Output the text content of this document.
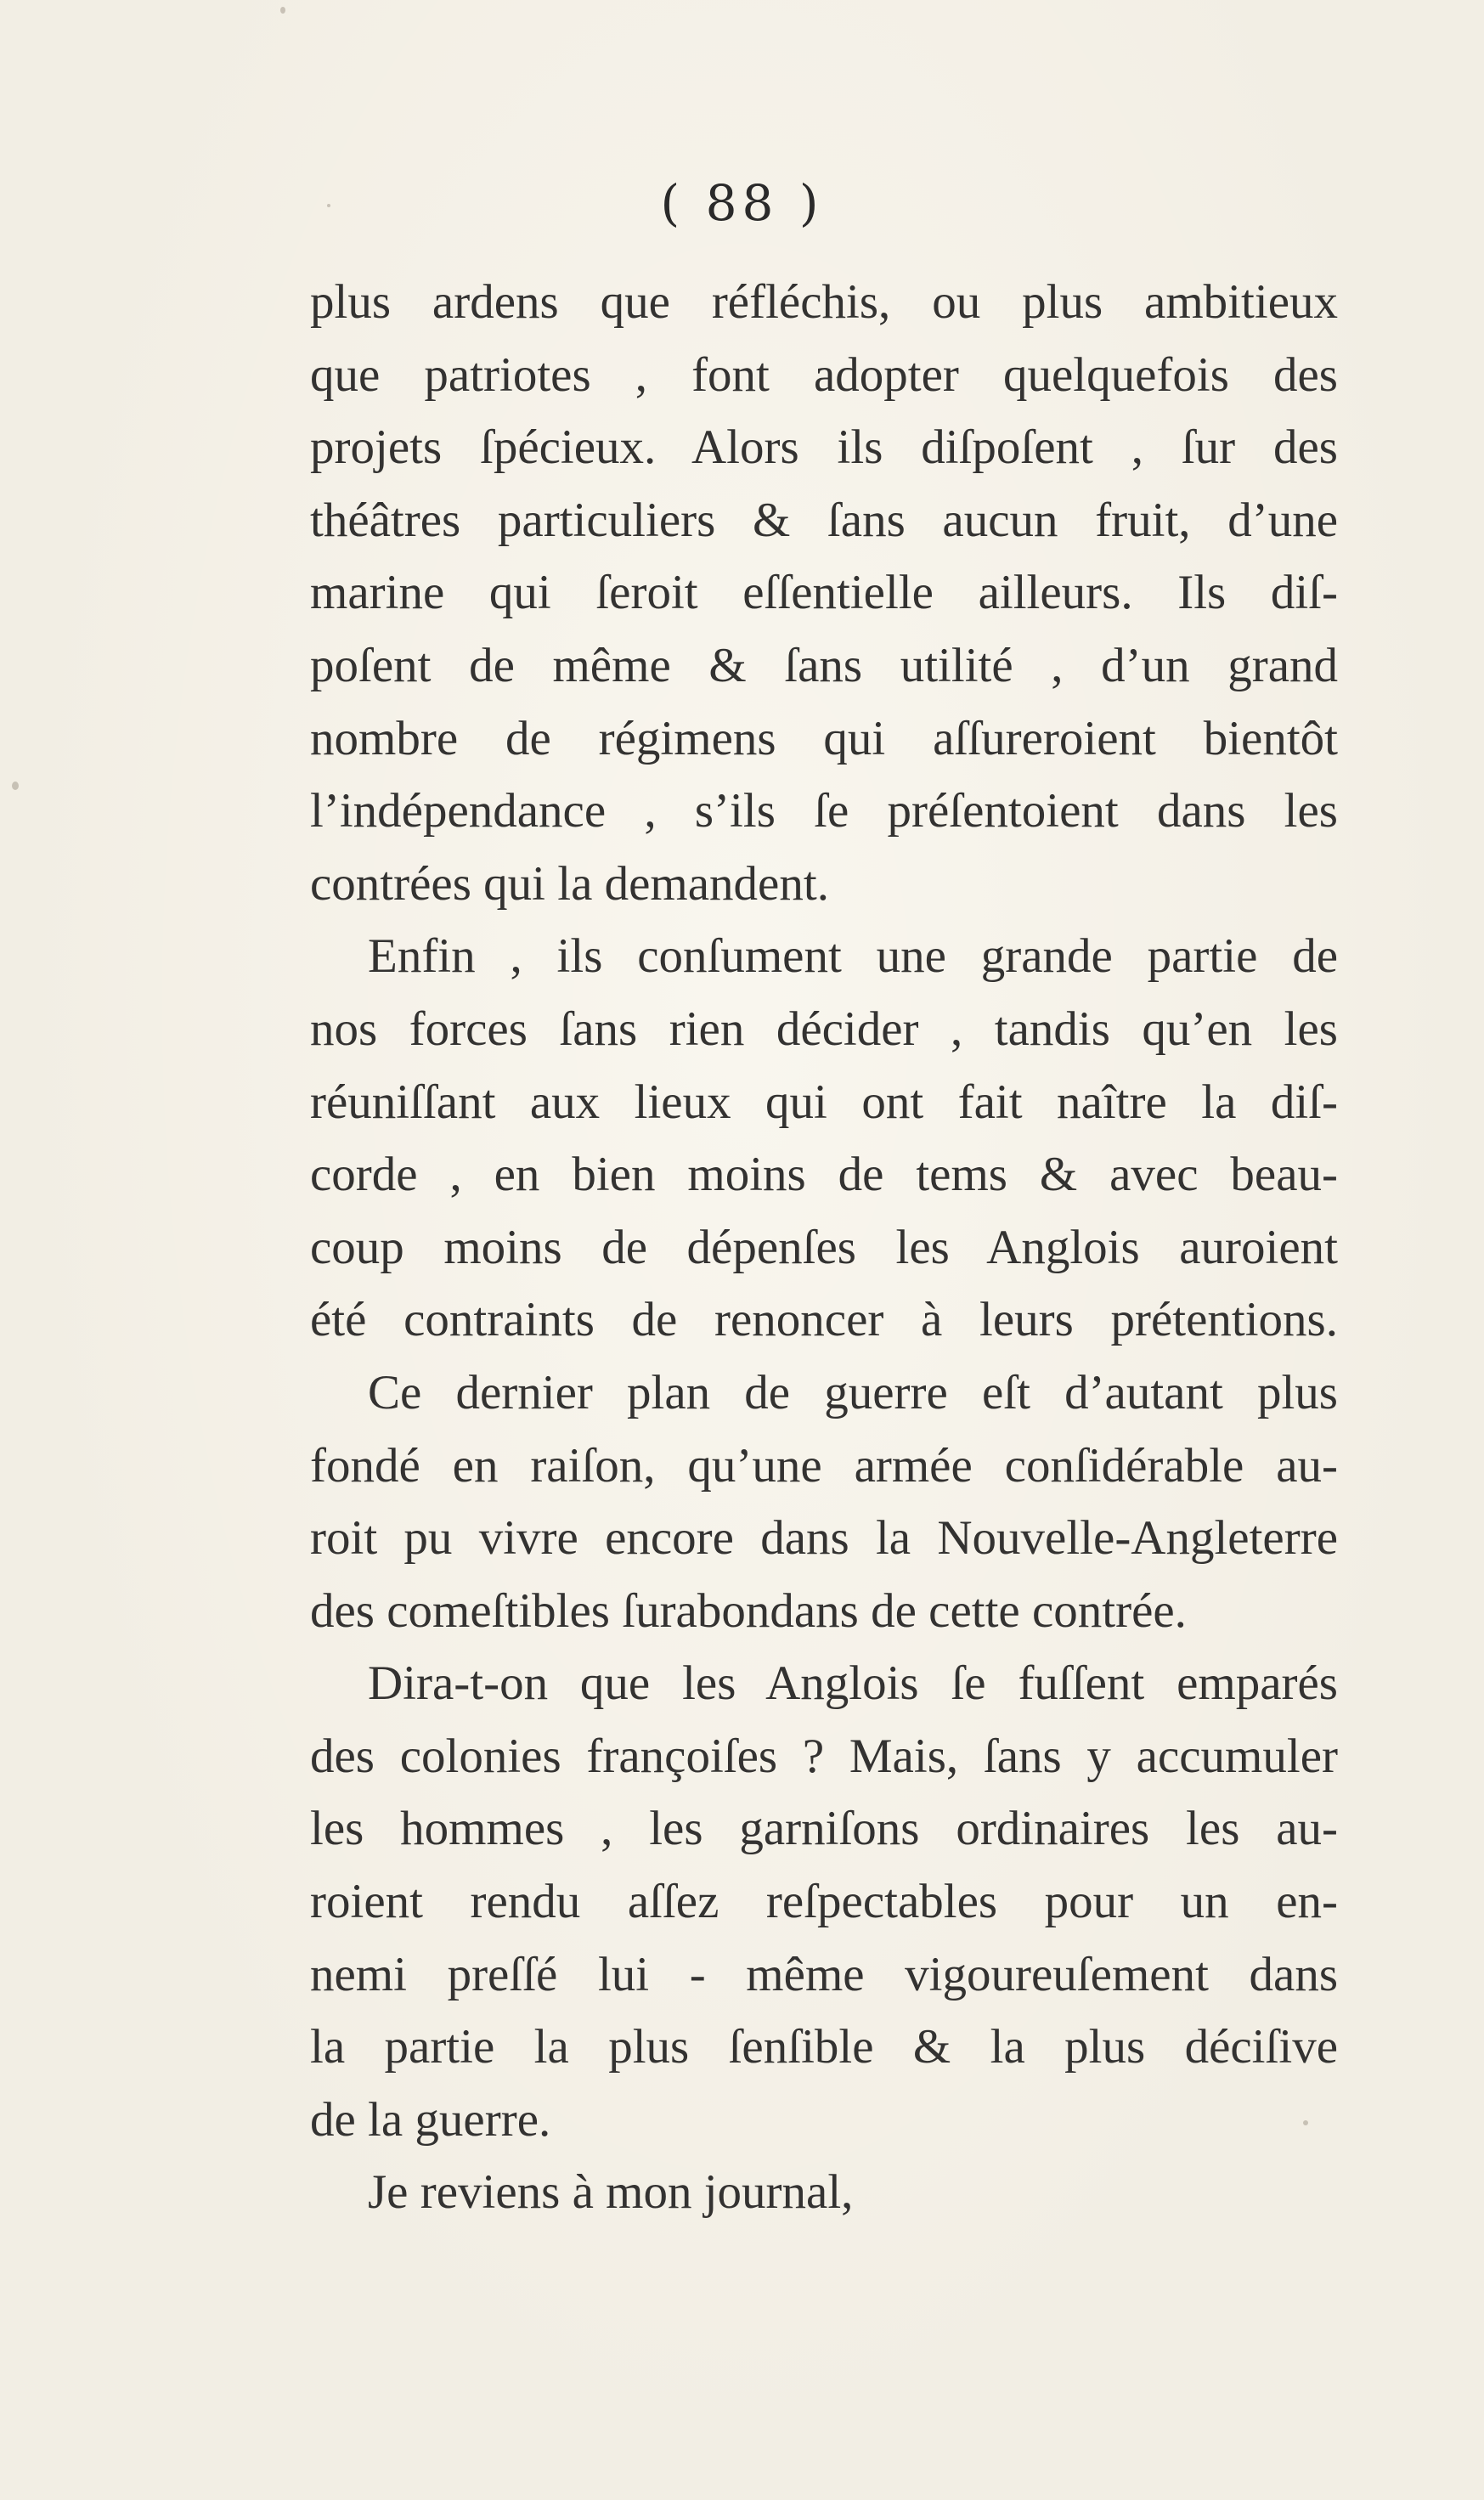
( 88 )
plus ardens que réfléchis, ou plus ambitieux
que patriotes , font adopter quelquefois des
projets ſpécieux. Alors ils diſpoſent , ſur des
théâtres particuliers & ſans aucun fruit, d’une
marine qui ſeroit eſſentielle ailleurs. Ils diſ-
poſent de même & ſans utilité , d’un grand
nombre de régimens qui aſſureroient bientôt
l’indépendance , s’ils ſe préſentoient dans les
contrées qui la demandent.
Enfin , ils conſument une grande partie de
nos forces ſans rien décider , tandis qu’en les
réuniſſant aux lieux qui ont fait naître la diſ-
corde , en bien moins de tems & avec beau-
coup moins de dépenſes les Anglois auroient
été contraints de renoncer à leurs prétentions.
Ce dernier plan de guerre eſt d’autant plus
fondé en raiſon, qu’une armée conſidérable au-
roit pu vivre encore dans la Nouvelle-Angleterre
des comeſtibles ſurabondans de cette contrée.
Dira-t-on que les Anglois ſe fuſſent emparés
des colonies françoiſes ? Mais, ſans y accumuler
les hommes , les garniſons ordinaires les au-
roient rendu aſſez reſpectables pour un en-
nemi preſſé lui - même vigoureuſement dans
la partie la plus ſenſible & la plus déciſive
de la guerre.
Je reviens à mon journal,
